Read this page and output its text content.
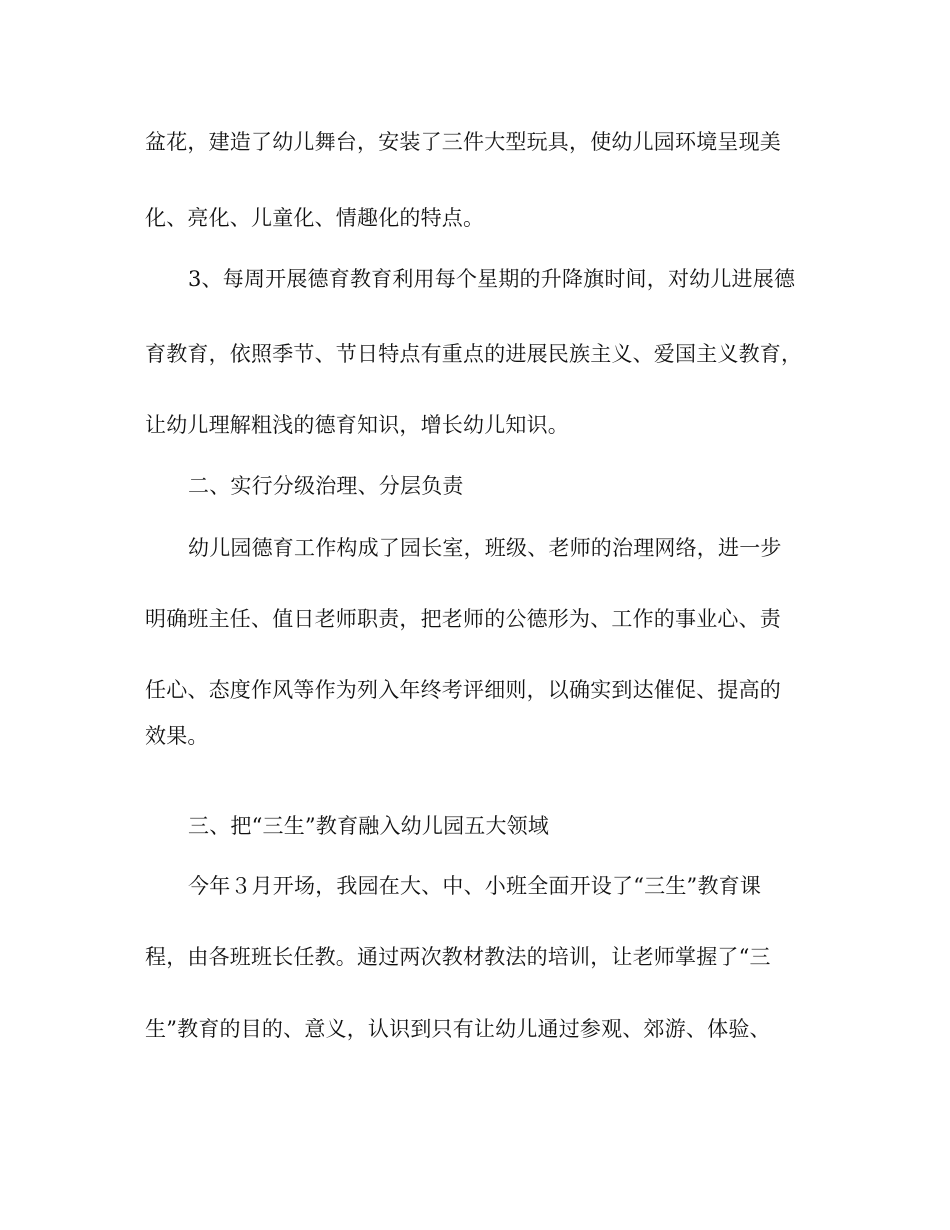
盆花，建造了幼儿舞台，安装了三件大型玩具，使幼儿园环境呈现美
化、亮化、儿童化、情趣化的特点。
3、每周开展德育教育利用每个星期的升降旗时间，对幼儿进展德
育教育，依照季节、节日特点有重点的进展民族主义、爱国主义教育，
让幼儿理解粗浅的德育知识，增长幼儿知识。
二、实行分级治理、分层负责
幼儿园德育工作构成了园长室，班级、老师的治理网络，进一步
明确班主任、值日老师职责，把老师的公德形为、工作的事业心、责
任心、态度作风等作为列入年终考评细则，以确实到达催促、提高的
效果。
三、把“三生”教育融入幼儿园五大领域
今年３月开场，我园在大、中、小班全面开设了“三生”教育课
程，由各班班长任教。通过两次教材教法的培训，让老师掌握了“三
生”教育的目的、意义，认识到只有让幼儿通过参观、郊游、体验、
